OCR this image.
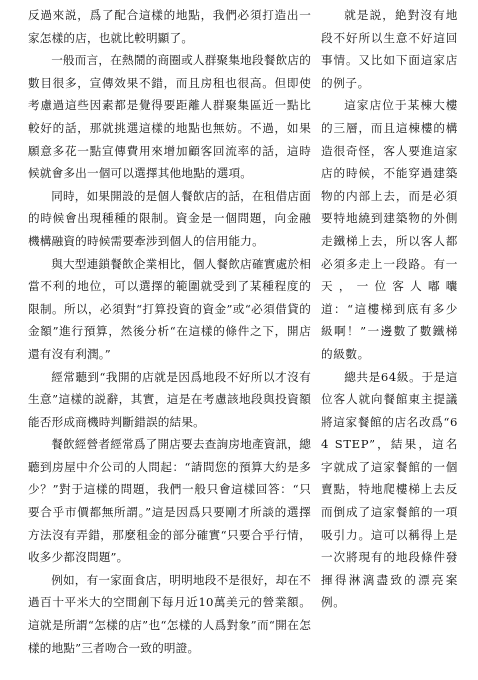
反過來説，爲了配合這樣的地點，我們必須打造出一家怎樣的店，也就比較明顯了。

一般而言，在熱鬧的商圈或人群聚集地段餐飲店的數目很多，宣傳效果不錯，而且房租也很高。但即使考慮過這些因素都是覺得要距離人群聚集區近一點比較好的話，那就挑選這樣的地點也無妨。不過，如果願意多花一點宣傳費用來增加顧客回流率的話，這時候就會多出一個可以選擇其他地點的選項。

同時，如果開設的是個人餐飲店的話，在租借店面的時候會出現種種的限制。資金是一個問題，向金融機構融資的時候需要牽涉到個人的信用能力。

與大型連鎖餐飲企業相比，個人餐飲店確實處於相當不利的地位，可以選擇的範圍就受到了某種程度的限制。所以，必須對“打算投資的資金”或“必須借貸的金額”進行預算，然後分析“在這樣的條件之下，開店還有沒有利潤。”

經常聽到“我開的店就是因爲地段不好所以才沒有生意”這樣的説辭，其實，這是在考慮該地段與投資額能否形成商機時判斷錯誤的結果。

餐飲經營者經常爲了開店要去查詢房地產資訊，總聽到房屋中介公司的人問起：“請問您的預算大約是多少？”對于這樣的問題，我們一般只會這樣回答：“只要合乎市價都無所謂。”這是因爲只要剛才所談的選擇方法沒有弄錯，那麼租金的部分確實“只要合乎行情，收多少都沒問題”。

例如，有一家面食店，明明地段不是很好，却在不過百十平米大的空間創下每月近10萬美元的營業額。這就是所謂“怎樣的店”也“怎樣的人爲對象”而“開在怎樣的地點”三者吻合一致的明證。

就是説，絶對沒有地段不好所以生意不好這回事情。又比如下面這家店的例子。

這家店位于某棟大樓的三層，而且這棟樓的構造很奇怪，客人要進這家店的時候，不能穿過建築物的内部上去，而是必須要特地繞到建築物的外側走鐵梯上去，所以客人都必須多走上一段路。有一天，一位客人嘟囔道：“這樓梯到底有多少級啊！”一邊數了數鐵梯的級數。

總共是64級。于是這位客人就向餐館東主提議將這家餐館的店名改爲“64 STEP”，結果，這名字就成了這家餐館的一個賣點，特地爬樓梯上去反而倒成了這家餐館的一項吸引力。這可以稱得上是一次將現有的地段條件發揮得淋漓盡致的漂亮案例。
